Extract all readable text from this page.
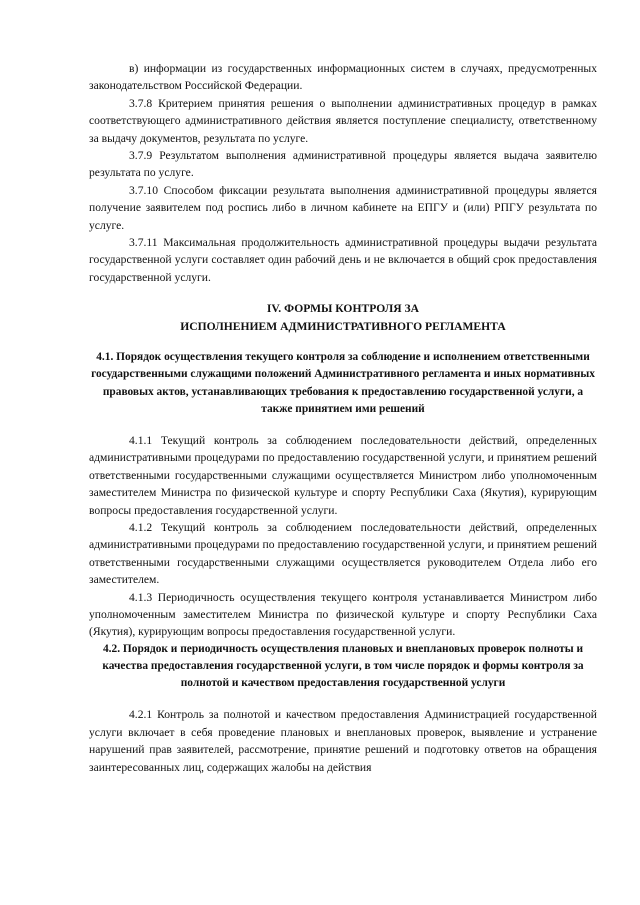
в) информации из государственных информационных систем в случаях, предусмотренных законодательством Российской Федерации.

3.7.8 Критерием принятия решения о выполнении административных процедур в рамках соответствующего административного действия является поступление специалисту, ответственному за выдачу документов, результата по услуге.

3.7.9 Результатом выполнения административной процедуры является выдача заявителю результата по услуге.

3.7.10 Способом фиксации результата выполнения административной процедуры является получение заявителем под роспись либо в личном кабинете на ЕПГУ и (или) РПГУ результата по услуге.

3.7.11 Максимальная продолжительность административной процедуры выдачи результата государственной услуги составляет один рабочий день и не включается в общий срок предоставления государственной услуги.

IV. ФОРМЫ КОНТРОЛЯ ЗА
ИСПОЛНЕНИЕМ АДМИНИСТРАТИВНОГО РЕГЛАМЕНТА
4.1. Порядок осуществления текущего контроля за соблюдение и исполнением ответственными государственными служащими положений Административного регламента и иных нормативных правовых актов, устанавливающих требования к предоставлению государственной услуги, а также принятием ими решений

4.1.1 Текущий контроль за соблюдением последовательности действий, определенных административными процедурами по предоставлению государственной услуги, и принятием решений ответственными государственными служащими осуществляется Министром либо уполномоченным заместителем Министра по физической культуре и спорту Республики Саха (Якутия), курирующим вопросы предоставления государственной услуги.

4.1.2 Текущий контроль за соблюдением последовательности действий, определенных административными процедурами по предоставлению государственной услуги, и принятием решений ответственными государственными служащими осуществляется руководителем Отдела либо его заместителем.

4.1.3 Периодичность осуществления текущего контроля устанавливается Министром либо уполномоченным заместителем Министра по физической культуре и спорту Республики Саха (Якутия), курирующим вопросы предоставления государственной услуги.

4.2. Порядок и периодичность осуществления плановых и внеплановых проверок полноты и качества предоставления государственной услуги, в том числе порядок и формы контроля за полнотой и качеством предоставления государственной услуги

4.2.1 Контроль за полнотой и качеством предоставления Администрацией государственной услуги включает в себя проведение плановых и внеплановых проверок, выявление и устранение нарушений прав заявителей, рассмотрение, принятие решений и подготовку ответов на обращения заинтересованных лиц, содержащих жалобы на действия
